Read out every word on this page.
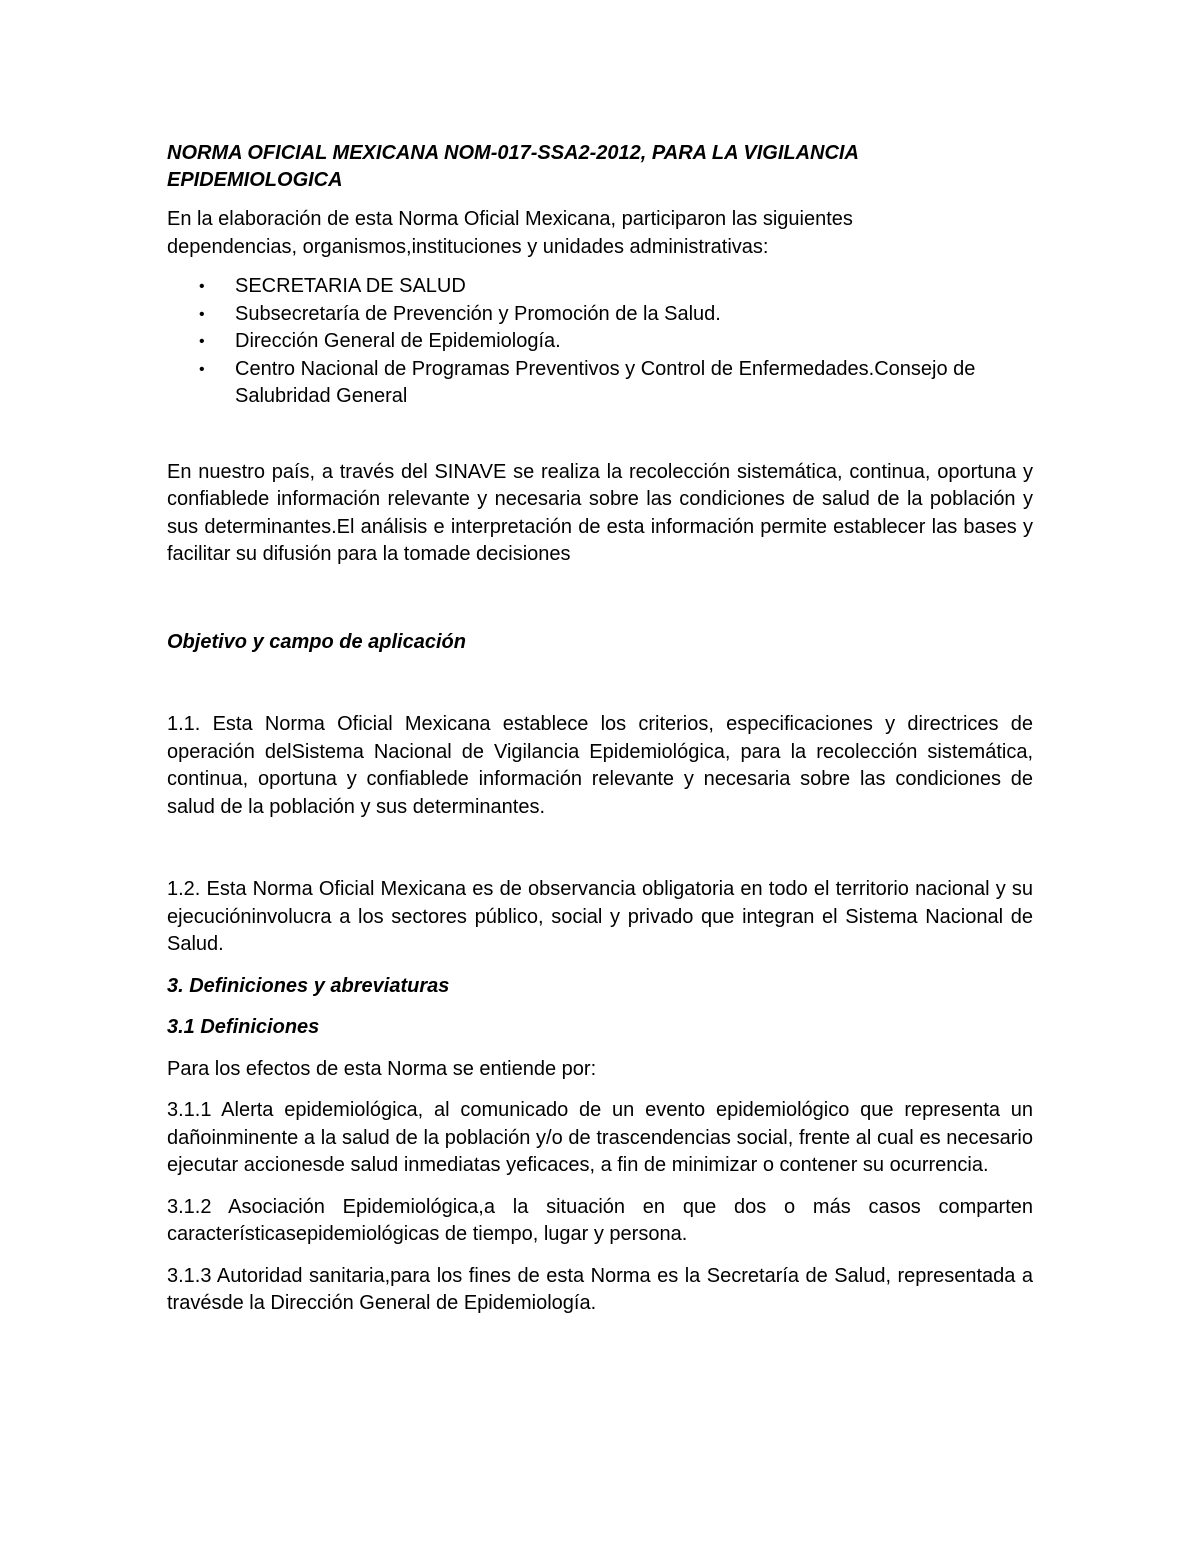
NORMA OFICIAL MEXICANA NOM-017-SSA2-2012, PARA LA VIGILANCIA EPIDEMIOLOGICA

En la elaboración de esta Norma Oficial Mexicana, participaron las siguientes dependencias, organismos,instituciones y unidades administrativas:

• SECRETARIA DE SALUD
• Subsecretaría de Prevención y Promoción de la Salud.
• Dirección General de Epidemiología.
• Centro Nacional de Programas Preventivos y Control de Enfermedades.Consejo de Salubridad General

En nuestro país, a través del SINAVE se realiza la recolección sistemática, continua, oportuna y confiablede información relevante y necesaria sobre las condiciones de salud de la población y sus determinantes.El análisis e interpretación de esta información permite establecer las bases y facilitar su difusión para la tomade decisiones

Objetivo y campo de aplicación

1.1. Esta Norma Oficial Mexicana establece los criterios, especificaciones y directrices de operación delSistema Nacional de Vigilancia Epidemiológica, para la recolección sistemática, continua, oportuna y confiablede información relevante y necesaria sobre las condiciones de salud de la población y sus determinantes.

1.2. Esta Norma Oficial Mexicana es de observancia obligatoria en todo el territorio nacional y su ejecucióninvolucra a los sectores público, social y privado que integran el Sistema Nacional de Salud.

3. Definiciones y abreviaturas
3.1 Definiciones

Para los efectos de esta Norma se entiende por:

3.1.1 Alerta epidemiológica, al comunicado de un evento epidemiológico que representa un dañoinminente a la salud de la población y/o de trascendencias social, frente al cual es necesario ejecutar accionesde salud inmediatas yeficaces, a fin de minimizar o contener su ocurrencia.

3.1.2 Asociación Epidemiológica,a la situación en que dos o más casos comparten característicasepidemiológicas de tiempo, lugar y persona.

3.1.3 Autoridad sanitaria,para los fines de esta Norma es la Secretaría de Salud, representada a travésde la Dirección General de Epidemiología.
